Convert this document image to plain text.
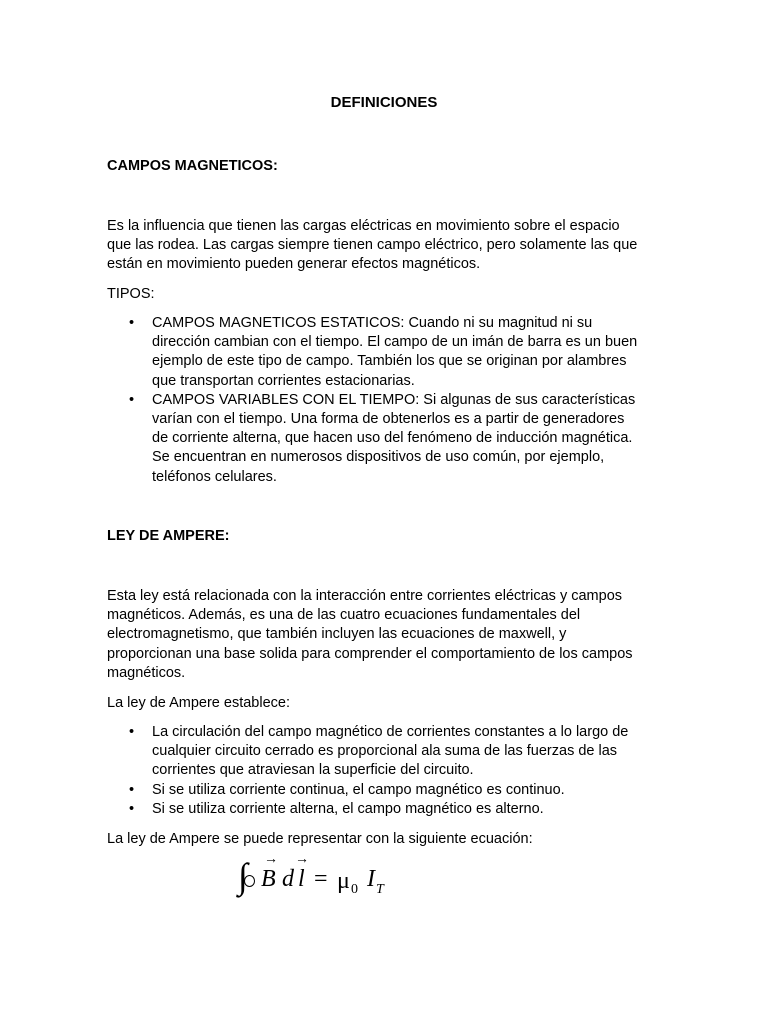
DEFINICIONES
CAMPOS MAGNETICOS:
Es la influencia que tienen las cargas eléctricas en movimiento sobre el espacio
que las rodea. Las cargas siempre tienen campo eléctrico, pero solamente las que
están en movimiento pueden generar efectos magnéticos.
TIPOS:
• CAMPOS MAGNETICOS ESTATICOS: Cuando ni su magnitud ni su
dirección cambian con el tiempo. El campo de un imán de barra es un buen
ejemplo de este tipo de campo. También los que se originan por alambres
que transportan corrientes estacionarias.
• CAMPOS VARIABLES CON EL TIEMPO: Si algunas de sus características
varían con el tiempo. Una forma de obtenerlos es a partir de generadores
de corriente alterna, que hacen uso del fenómeno de inducción magnética.
Se encuentran en numerosos dispositivos de uso común, por ejemplo,
teléfonos celulares.
LEY DE AMPERE:
Esta ley está relacionada con la interacción entre corrientes eléctricas y campos
magnéticos. Además, es una de las cuatro ecuaciones fundamentales del
electromagnetismo, que también incluyen las ecuaciones de maxwell, y
proporcionan una base solida para comprender el comportamiento de los campos
magnéticos.
La ley de Ampere establece:
• La circulación del campo magnético de corrientes constantes a lo largo de
cualquier circuito cerrado es proporcional ala suma de las fuerzas de las
corrientes que atraviesan la superficie del circuito.
• Si se utiliza corriente continua, el campo magnético es continuo.
• Si se utiliza corriente alterna, el campo magnético es alterno.
La ley de Ampere se puede representar con la siguiente ecuación:
∫ →
B d
→
l = μ 0 I T
